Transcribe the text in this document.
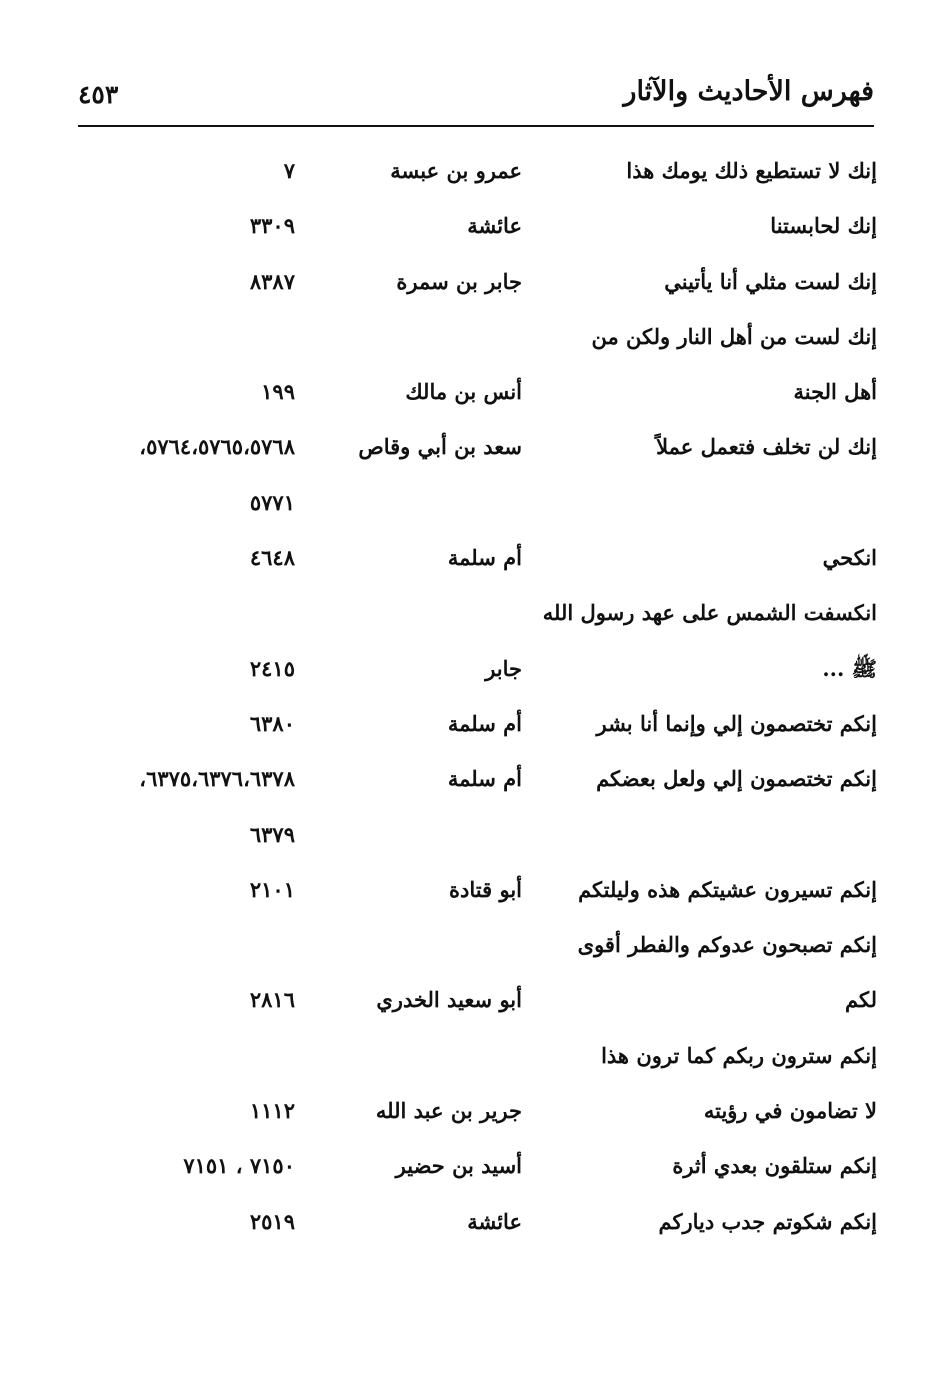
فهرس الأحاديث والآثار
٤٥٣
إنك لا تستطيع ذلك يومك هذا
عمرو بن عبسة
٧
إنك لحابستنا
عائشة
٣٣٠٩
إنك لست مثلي أنا يأتيني
جابر بن سمرة
٨٣٨٧
إنك لست من أهل النار ولكن من
أهل الجنة
أنس بن مالك
١٩٩
إنك لن تخلف فتعمل عملاً
سعد بن أبي وقاص
٥٧٦٤،٥٧٦٥،٥٧٦٨،
٥٧٧١
انكحي
أم سلمة
٤٦٤٨
انكسفت الشمس على عهد رسول الله
ﷺ ...
جابر
٢٤١٥
إنكم تختصمون إلي وإنما أنا بشر
أم سلمة
٦٣٨٠
إنكم تختصمون إلي ولعل بعضكم
أم سلمة
٦٣٧٥،٦٣٧٦،٦٣٧٨،
٦٣٧٩
إنكم تسيرون عشيتكم هذه وليلتكم
أبو قتادة
٢١٠١
إنكم تصبحون عدوكم والفطر أقوى
لكم
أبو سعيد الخدري
٢٨١٦
إنكم سترون ربكم كما ترون هذا
لا تضامون في رؤيته
جرير بن عبد الله
١١١٢
إنكم ستلقون بعدي أثرة
أسيد بن حضير
٧١٥٠ ، ٧١٥١
إنكم شكوتم جدب دياركم
عائشة
٢٥١٩
